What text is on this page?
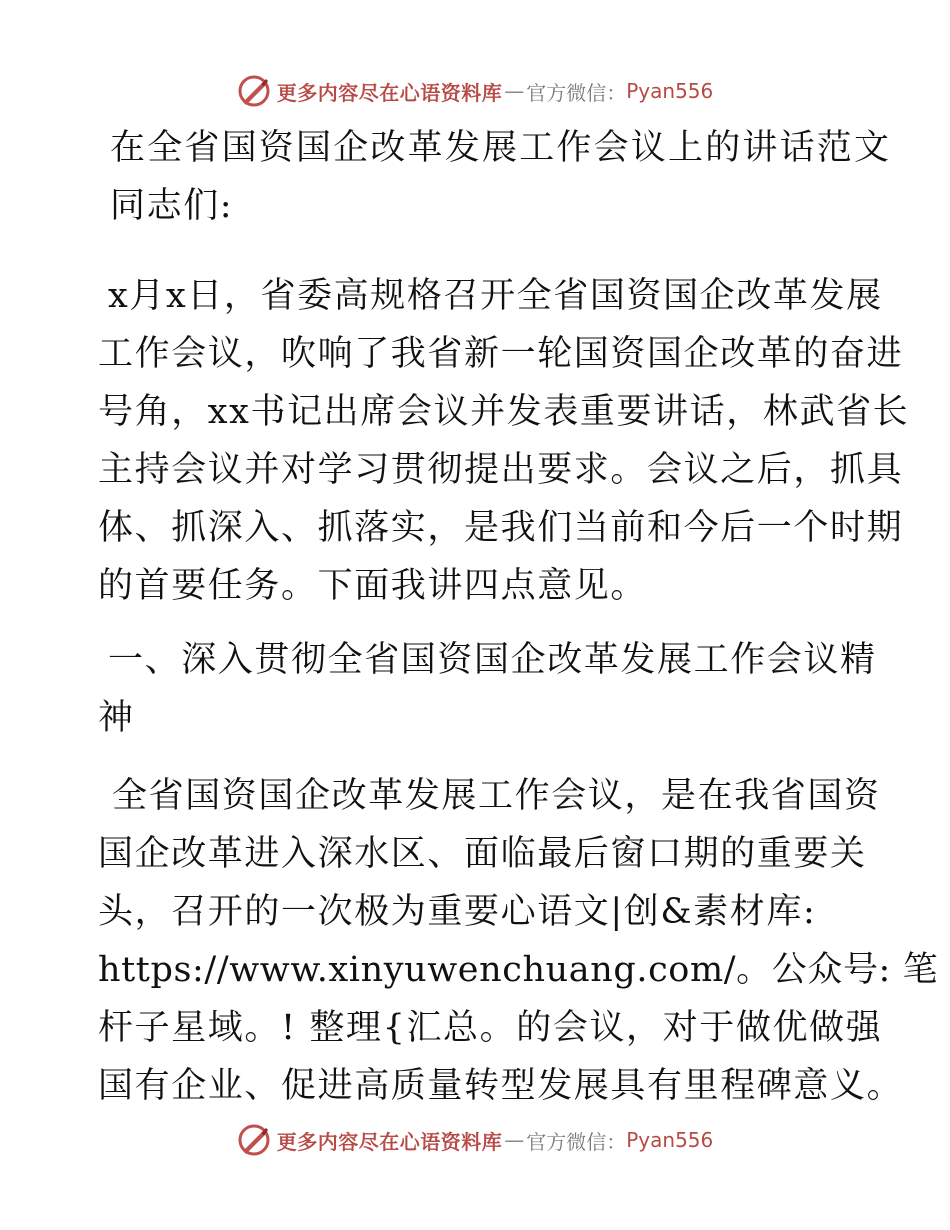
更多内容尽在心语资料库 — 官方微信： Pyan556
在全省国资国企改革发展工作会议上的讲话范文
同志们:
x月x日，省委高规格召开全省国资国企改革发展
工作会议，吹响了我省新一轮国资国企改革的奋进
号角，xx书记出席会议并发表重要讲话，林武省长
主持会议并对学习贯彻提出要求。会议之后，抓具
体、抓深入、抓落实，是我们当前和今后一个时期
的首要任务。下面我讲四点意见。
一、深入贯彻全省国资国企改革发展工作会议精
神
全省国资国企改革发展工作会议，是在我省国资
国企改革进入深水区、面临最后窗口期的重要关
头，召开的一次极为重要心语文|创&素材库:
https://www.xinyuwenchuang.com/。公众号: 笔
杆子星域。! 整理{汇总。的会议，对于做优做强
国有企业、促进高质量转型发展具有里程碑意义。
更多内容尽在心语资料库 — 官方微信： Pyan556
